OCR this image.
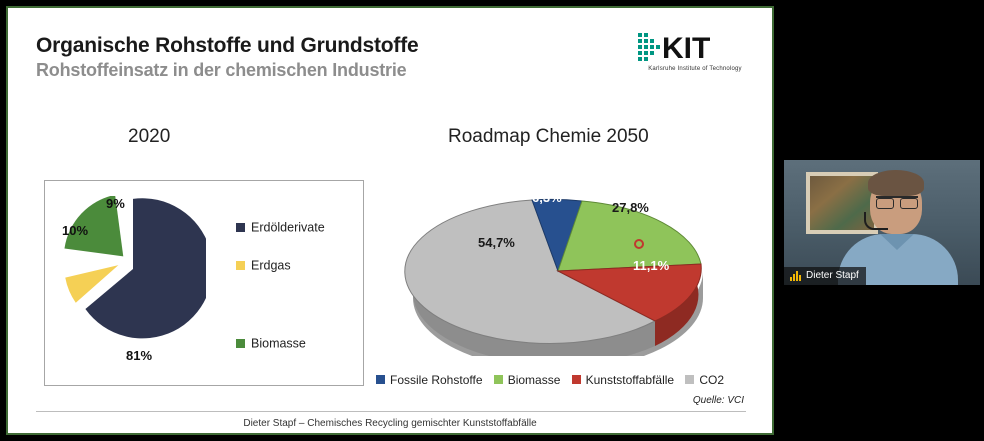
Organische Rohstoffe und Grundstoffe
Rohstoffeinsatz in der chemischen Industrie
KIT
Karlsruhe Institute of Technology
2020	Roadmap Chemie 2050
81%
10%
9%
Erdölderivate
Erdgas
Biomasse
6,3%
27,8%
11,1%
54,7%
Fossile Rohstoffe	Biomasse	Kunststoffabfälle	CO2
Quelle: VCI
Dieter Stapf – Chemisches Recycling gemischter Kunststoffabfälle
Dieter Stapf
